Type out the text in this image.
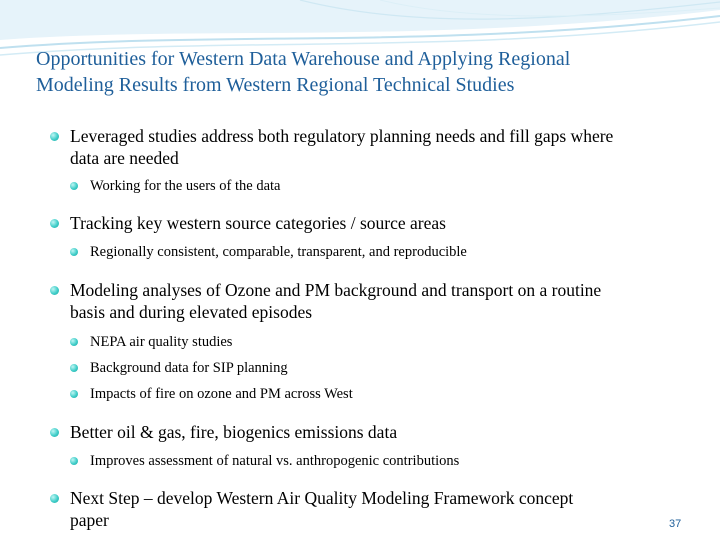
Opportunities for Western Data Warehouse and Applying Regional
Modeling Results from Western Regional Technical Studies
Leveraged studies address both regulatory planning needs and fill gaps where
data are needed
Working for the users of the data
Tracking key western source categories / source areas
Regionally consistent, comparable, transparent, and reproducible
Modeling analyses of Ozone and PM background and transport on a routine
basis and during elevated episodes
NEPA air quality studies
Background data for SIP planning
Impacts of fire on ozone and PM across West
Better oil & gas, fire, biogenics emissions data
Improves assessment of natural vs. anthropogenic contributions
Next Step – develop Western Air Quality Modeling Framework concept
paper	37
